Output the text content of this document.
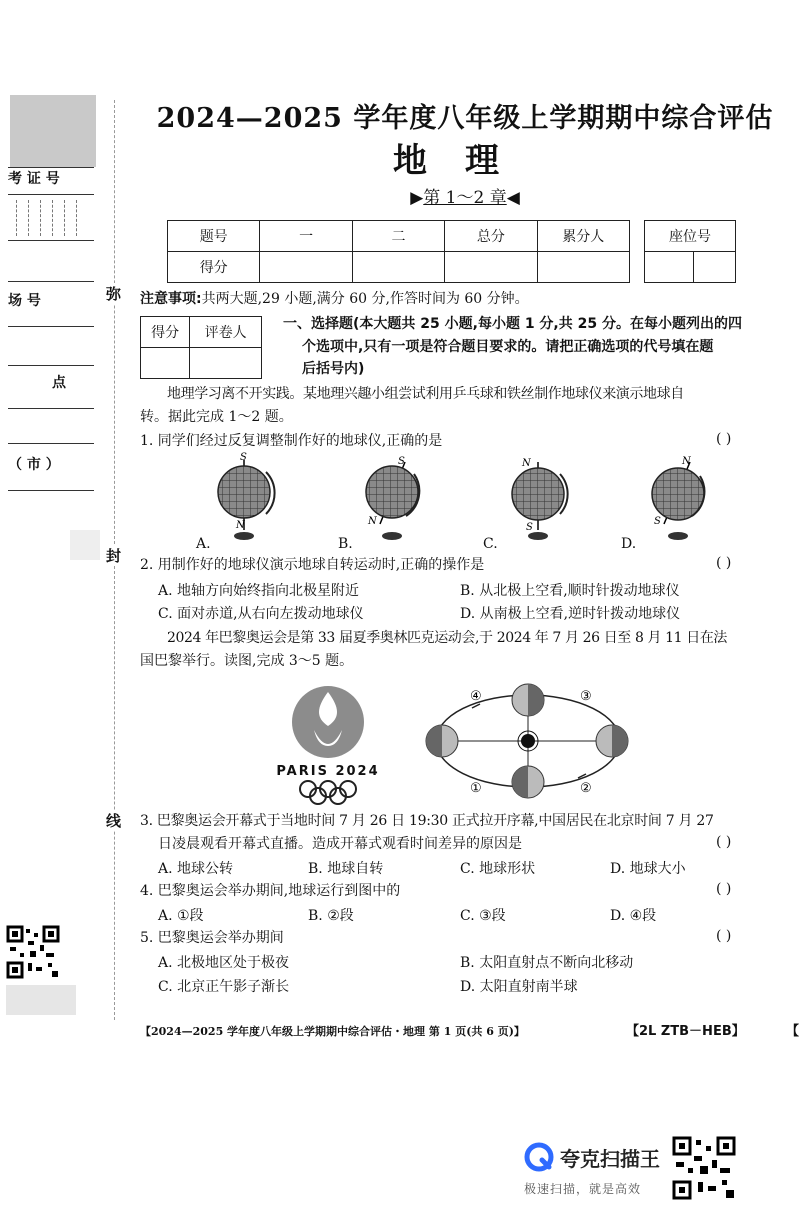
考 证 号
场 号
点
（ 市 ）
弥
封
线
2024—2025 学年度八年级上学期期中综合评估
地理
▶第 1～2 章◀
题号	一	二	总分	累分人
得分				
座位号

注意事项:共两大题,29 小题,满分 60 分,作答时间为 60 分钟。
得分	评卷人

一、选择题(本大题共 25 小题,每小题 1 分,共 25 分。在每小题列出的四
个选项中,只有一项是符合题目要求的。请把正确选项的代号填在题
后括号内)
地理学习离不开实践。某地理兴趣小组尝试利用乒乓球和铁丝制作地球仪来演示地球自
转。据此完成 1～2 题。
1. 同学们经过反复调整制作好的地球仪,正确的是	( )
S
N
S
N
N
S
N
S
A.	B.	C.	D.
2. 用制作好的地球仪演示地球自转运动时,正确的操作是	( )
A. 地轴方向始终指向北极星附近	B. 从北极上空看,顺时针拨动地球仪
C. 面对赤道,从右向左拨动地球仪	D. 从南极上空看,逆时针拨动地球仪
2024 年巴黎奥运会是第 33 届夏季奥林匹克运动会,于 2024 年 7 月 26 日至 8 月 11 日在法
国巴黎举行。读图,完成 3～5 题。
PARIS 2024
④	③
①	②
3. 巴黎奥运会开幕式于当地时间 7 月 26 日 19:30 正式拉开序幕,中国居民在北京时间 7 月 27
日凌晨观看开幕式直播。造成开幕式观看时间差异的原因是	( )
A. 地球公转	B. 地球自转	C. 地球形状	D. 地球大小
4. 巴黎奥运会举办期间,地球运行到图中的	( )
A. ①段	B. ②段	C. ③段	D. ④段
5. 巴黎奥运会举办期间	( )
A. 北极地区处于极夜	B. 太阳直射点不断向北移动
C. 北京正午影子渐长	D. 太阳直射南半球
【2024—2025 学年度八年级上学期期中综合评估・地理 第 1 页(共 6 页)】	【2L ZTB－HEB】	【
夸克扫描王
极速扫描，就是高效
